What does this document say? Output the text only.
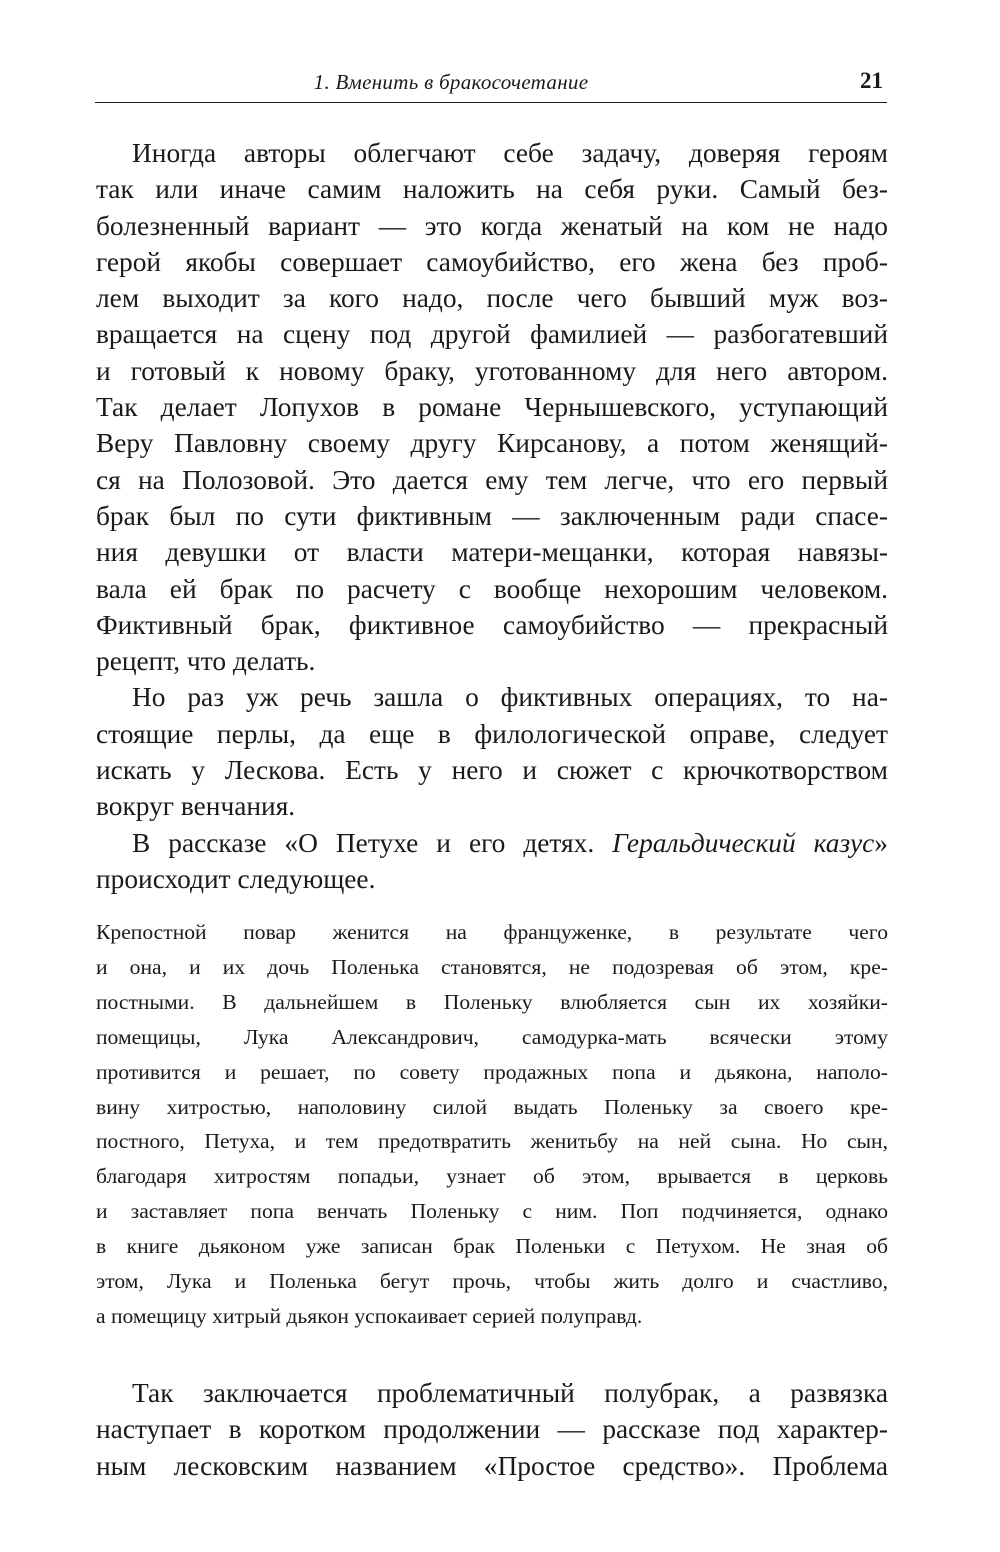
1. Вменить в бракосочетание	21
Иногда авторы облегчают себе задачу, доверяя героям
так или иначе самим наложить на себя руки. Самый без-
болезненный вариант — это когда женатый на ком не надо
герой якобы совершает самоубийство, его жена без проб-
лем выходит за кого надо, после чего бывший муж воз-
вращается на сцену под другой фамилией — разбогатевший
и готовый к новому браку, уготованному для него автором.
Так делает Лопухов в романе Чернышевского, уступающий
Веру Павловну своему другу Кирсанову, а потом женящий-
ся на Полозовой. Это дается ему тем легче, что его первый
брак был по сути фиктивным — заключенным ради спасе-
ния девушки от власти матери-мещанки, которая навязы-
вала ей брак по расчету с вообще нехорошим человеком.
Фиктивный брак, фиктивное самоубийство — прекрасный
рецепт, что делать.
Но раз уж речь зашла о фиктивных операциях, то на-
стоящие перлы, да еще в филологической оправе, следует
искать у Лескова. Есть у него и сюжет с крючкотворством
вокруг венчания.
В рассказе «О Петухе и его детях. Геральдический казус»
происходит следующее.
Крепостной повар женится на француженке, в результате чего
и она, и их дочь Поленька становятся, не подозревая об этом, кре-
постными. В дальнейшем в Поленьку влюбляется сын их хозяйки-
помещицы, Лука Александрович, самодурка-мать всячески этому
противится и решает, по совету продажных попа и дьякона, наполо-
вину хитростью, наполовину силой выдать Поленьку за своего кре-
постного, Петуха, и тем предотвратить женитьбу на ней сына. Но сын,
благодаря хитростям попадьи, узнает об этом, врывается в церковь
и заставляет попа венчать Поленьку с ним. Поп подчиняется, однако
в книге дьяконом уже записан брак Поленьки с Петухом. Не зная об
этом, Лука и Поленька бегут прочь, чтобы жить долго и счастливо,
а помещицу хитрый дьякон успокаивает серией полуправд.
Так заключается проблематичный полубрак, а развязка
наступает в коротком продолжении — рассказе под характер-
ным лесковским названием «Простое средство». Проблема
